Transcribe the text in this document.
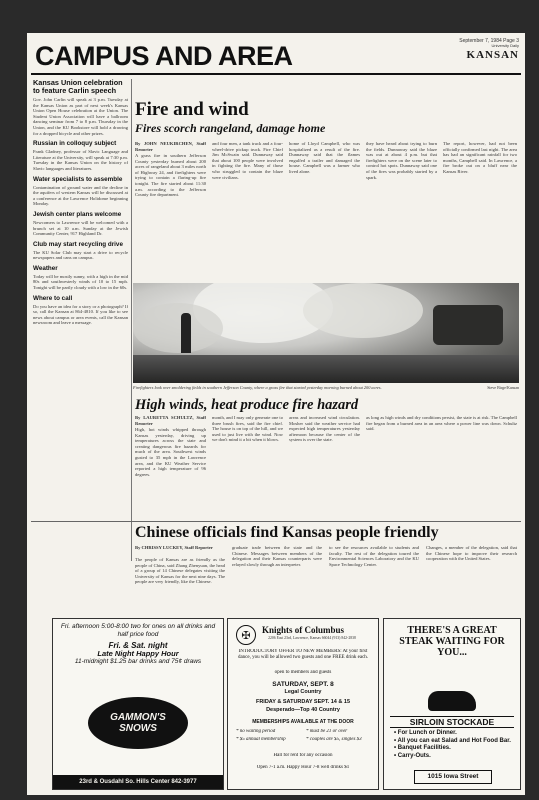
CAMPUS AND AREA	September 7, 1984 Page 3
University Daily
KANSAN
Kansas Union celebration to feature Carlin speech
Gov. John Carlin will speak at 3 p.m. Tuesday at the Kansas Union as part of next week's Kansas Union Open House celebration at the Union. The Student Union Association will have a ballroom dancing seminar from 7 to 8 p.m. Thursday in the Union, and the KU Bookstore will hold a drawing for a dropped bicycle and other prizes.
Russian in colloquy subject
Frank Gladney, professor of Slavic Language and Literature at the University, will speak at 7:30 p.m. Tuesday in the Kansas Union on the history of Slavic languages and literatures.
Water specialists to assemble
Contamination of ground water and the decline in the aquifers of western Kansas will be discussed at a conference at the Lawrence Holidome beginning Monday.
Jewish center plans welcome
Newcomers to Lawrence will be welcomed with a brunch set at 10 a.m. Sunday at the Jewish Community Center, 917 Highland Dr.
Club may start recycling drive
The KU Solar Club may start a drive to recycle newspapers and cans on campus.
Weather
Today will be mostly sunny, with a high in the mid 80s and southwesterly winds of 10 to 15 mph. Tonight will be partly cloudy with a low in the 60s.
Where to call
Do you have an idea for a story or a photograph? If so, call the Kansan at 864-4810. If you like to see news about campus or area events, call the Kansan newsroom and leave a message.
Fire and wind
Fires scorch rangeland, damage home
By JOHN NEUKIRCHEN, Staff Reporter
A grass fire in southern Jefferson County yesterday burned about 200 acres of rangeland about 3 miles north of Highway 24, and firefighters were trying to contain a flaring-up fire tonight. The fire started about 11:30 a.m. according to the Jefferson County fire department.
and four men, a tank truck and a four-wheel-drive pickup truck. Fire Chief Jim McSwain said. Dunnaway said that about 100 people were involved in fighting the fire. Many of those who struggled to contain the blaze were civilians.
home of Lloyd Campbell, who was hospitalized as a result of the fire. Dunnaway said that the flames engulfed a trailer and damaged the house. Campbell was a farmer who lived alone.
they have heard about trying to burn the fields. Dunnaway said the blaze was out at about 4 p.m. but that firefighters were on the scene later to control hot spots. Dunnaway said one of the fires was probably started by a spark.
The report, however, had not been officially confirmed last night. The area has had an significant rainfall for two months, Campbell said. In Lawrence, a fire broke out on a bluff near the Kansas River.
Firefighters look over smoldering fields in southern Jefferson County, where a grass fire that started yesterday morning burned about 200 acres.	Steve Birge/Kansan
High winds, heat produce fire hazard
By LAURETTA SCHULTZ, Staff Reporter
High, hot winds whipped through Kansas yesterday, driving up temperatures across the state and creating dangerous fire hazards for much of the area. Southwest winds gusted to 35 mph in the Lawrence area, and the KU Weather Service reported a high temperature of 96 degrees.
month, and I may only generate one to three brush fires, said the fire chief. The house is on top of the hill, and we used to just live with the wind. Now we don't mind it a bit when it blows.
areas and increased wind circulation. Mosher said the weather service had expected high temperatures yesterday afternoon because the center of the system is over the state.
as long as high winds and dry conditions persist, the state is at risk. The Campbell fire began from a burned area in an area where a power line was down. Schultz said.
Chinese officials find Kansas people friendly
By CHRISSY LUCKEY, Staff Reporter
The people of Kansas are as friendly as the people of China, said Zhang Zhenyuan, the head of a group of 14 Chinese delegates visiting the University of Kansas for the next nine days. The people are very friendly, like the Chinese.
graduate trade between the state and the Chinese. Messages between members of the delegation and their Kansas counterparts were relayed slowly through an interpreter.
to see the resources available to students and faculty. The rest of the delegation toured the Environmental Sciences Laboratory and the KU Space Technology Center.
Changes, a member of the delegation, said that the Chinese hope to improve their research cooperation with the United States.
Fri. afternoon 5:00-8:00 two for ones on all drinks and half price food
Fri. & Sat. night
Late Night Happy Hour
11-midnight $1.25 bar drinks and 75¢ draws
GAMMON'S SNOWS
23rd & Ousdahl So. Hills Center 842-3977
✠	Knights of Columbus
2206 East 23rd, Lawrence, Kansas 66044 (913) 842-2838
INTRODUCTORY OFFER TO NEW MEMBERS: At your first dance, you will be allowed two guests and one FREE drink each.
open to members and guests
SATURDAY, SEPT. 8
Legal Country
FRIDAY & SATURDAY SEPT. 14 & 15
Desperado—Top 40 Country
MEMBERSHIPS AVAILABLE AT THE DOOR
* no waiting period
* $5 annual membership
* must be 21 or over
* couples are $5, singles $3
Hall for rent for any occasion
Open 7-1 a.m. Happy Hour 7-8 well drinks $1
THERE'S A GREAT STEAK WAITING FOR YOU...
SIRLOIN STOCKADE
• For Lunch or Dinner.
• All you can eat Salad and Hot Food Bar.
• Banquet Facilities.
• Carry-Outs.
1015 Iowa Street
